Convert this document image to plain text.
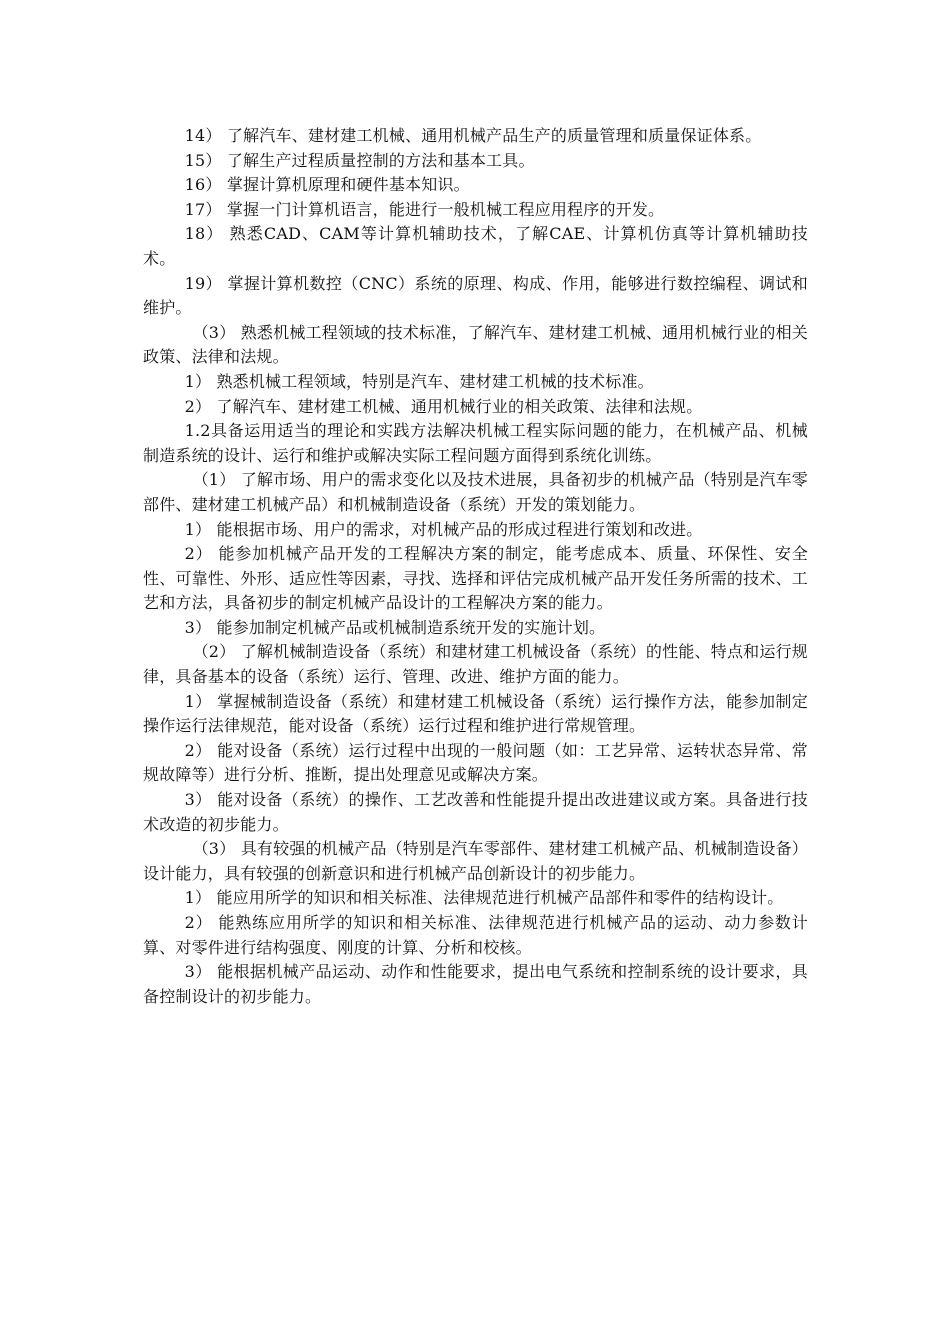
14） 了解汽车、建材建工机械、通用机械产品生产的质量管理和质量保证体系。

15） 了解生产过程质量控制的方法和基本工具。

16） 掌握计算机原理和硬件基本知识。

17） 掌握一门计算机语言，能进行一般机械工程应用程序的开发。

18） 熟悉CAD、CAM等计算机辅助技术，了解CAE、计算机仿真等计算机辅助技术。

19） 掌握计算机数控（CNC）系统的原理、构成、作用，能够进行数控编程、调试和维护。

（3） 熟悉机械工程领域的技术标准，了解汽车、建材建工机械、通用机械行业的相关政策、法律和法规。

1） 熟悉机械工程领域，特别是汽车、建材建工机械的技术标准。

2） 了解汽车、建材建工机械、通用机械行业的相关政策、法律和法规。

1.2具备运用适当的理论和实践方法解决机械工程实际问题的能力，在机械产品、机械制造系统的设计、运行和维护或解决实际工程问题方面得到系统化训练。

（1） 了解市场、用户的需求变化以及技术进展，具备初步的机械产品（特别是汽车零部件、建材建工机械产品）和机械制造设备（系统）开发的策划能力。

1） 能根据市场、用户的需求，对机械产品的形成过程进行策划和改进。

2） 能参加机械产品开发的工程解决方案的制定，能考虑成本、质量、环保性、安全性、可靠性、外形、适应性等因素，寻找、选择和评估完成机械产品开发任务所需的技术、工艺和方法，具备初步的制定机械产品设计的工程解决方案的能力。

3） 能参加制定机械产品或机械制造系统开发的实施计划。

（2） 了解机械制造设备（系统）和建材建工机械设备（系统）的性能、特点和运行规律，具备基本的设备（系统）运行、管理、改进、维护方面的能力。

1） 掌握械制造设备（系统）和建材建工机械设备（系统）运行操作方法，能参加制定操作运行法律规范，能对设备（系统）运行过程和维护进行常规管理。

2） 能对设备（系统）运行过程中出现的一般问题（如：工艺异常、运转状态异常、常规故障等）进行分析、推断，提出处理意见或解决方案。

3） 能对设备（系统）的操作、工艺改善和性能提升提出改进建议或方案。具备进行技术改造的初步能力。

（3） 具有较强的机械产品（特别是汽车零部件、建材建工机械产品、机械制造设备）设计能力，具有较强的创新意识和进行机械产品创新设计的初步能力。

1） 能应用所学的知识和相关标准、法律规范进行机械产品部件和零件的结构设计。

2） 能熟练应用所学的知识和相关标准、法律规范进行机械产品的运动、动力参数计算、对零件进行结构强度、刚度的计算、分析和校核。

3） 能根据机械产品运动、动作和性能要求，提出电气系统和控制系统的设计要求，具备控制设计的初步能力。
